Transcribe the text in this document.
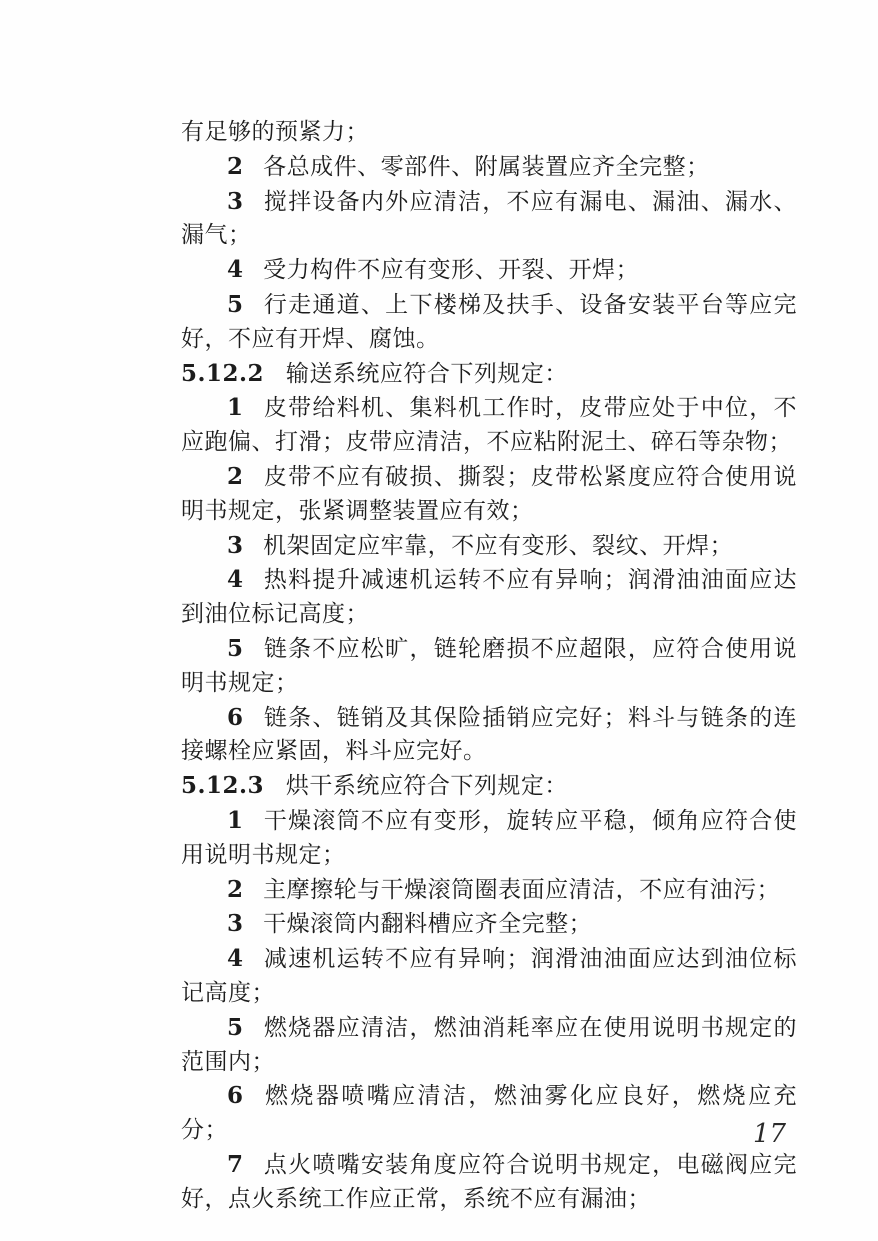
有足够的预紧力；

2 各总成件、零部件、附属装置应齐全完整；

3 搅拌设备内外应清洁，不应有漏电、漏油、漏水、漏气；

4 受力构件不应有变形、开裂、开焊；

5 行走通道、上下楼梯及扶手、设备安装平台等应完好，不应有开焊、腐蚀。

5.12.2 输送系统应符合下列规定：

1 皮带给料机、集料机工作时，皮带应处于中位，不应跑偏、打滑；皮带应清洁，不应粘附泥土、碎石等杂物；

2 皮带不应有破损、撕裂；皮带松紧度应符合使用说明书规定，张紧调整装置应有效；

3 机架固定应牢靠，不应有变形、裂纹、开焊；

4 热料提升减速机运转不应有异响；润滑油油面应达到油位标记高度；

5 链条不应松旷，链轮磨损不应超限，应符合使用说明书规定；

6 链条、链销及其保险插销应完好；料斗与链条的连接螺栓应紧固，料斗应完好。

5.12.3 烘干系统应符合下列规定：

1 干燥滚筒不应有变形，旋转应平稳，倾角应符合使用说明书规定；

2 主摩擦轮与干燥滚筒圈表面应清洁，不应有油污；

3 干燥滚筒内翻料槽应齐全完整；

4 减速机运转不应有异响；润滑油油面应达到油位标记高度；

5 燃烧器应清洁，燃油消耗率应在使用说明书规定的范围内；

6 燃烧器喷嘴应清洁，燃油雾化应良好，燃烧应充分；

7 点火喷嘴安装角度应符合说明书规定，电磁阀应完好，点火系统工作应正常，系统不应有漏油；

17
